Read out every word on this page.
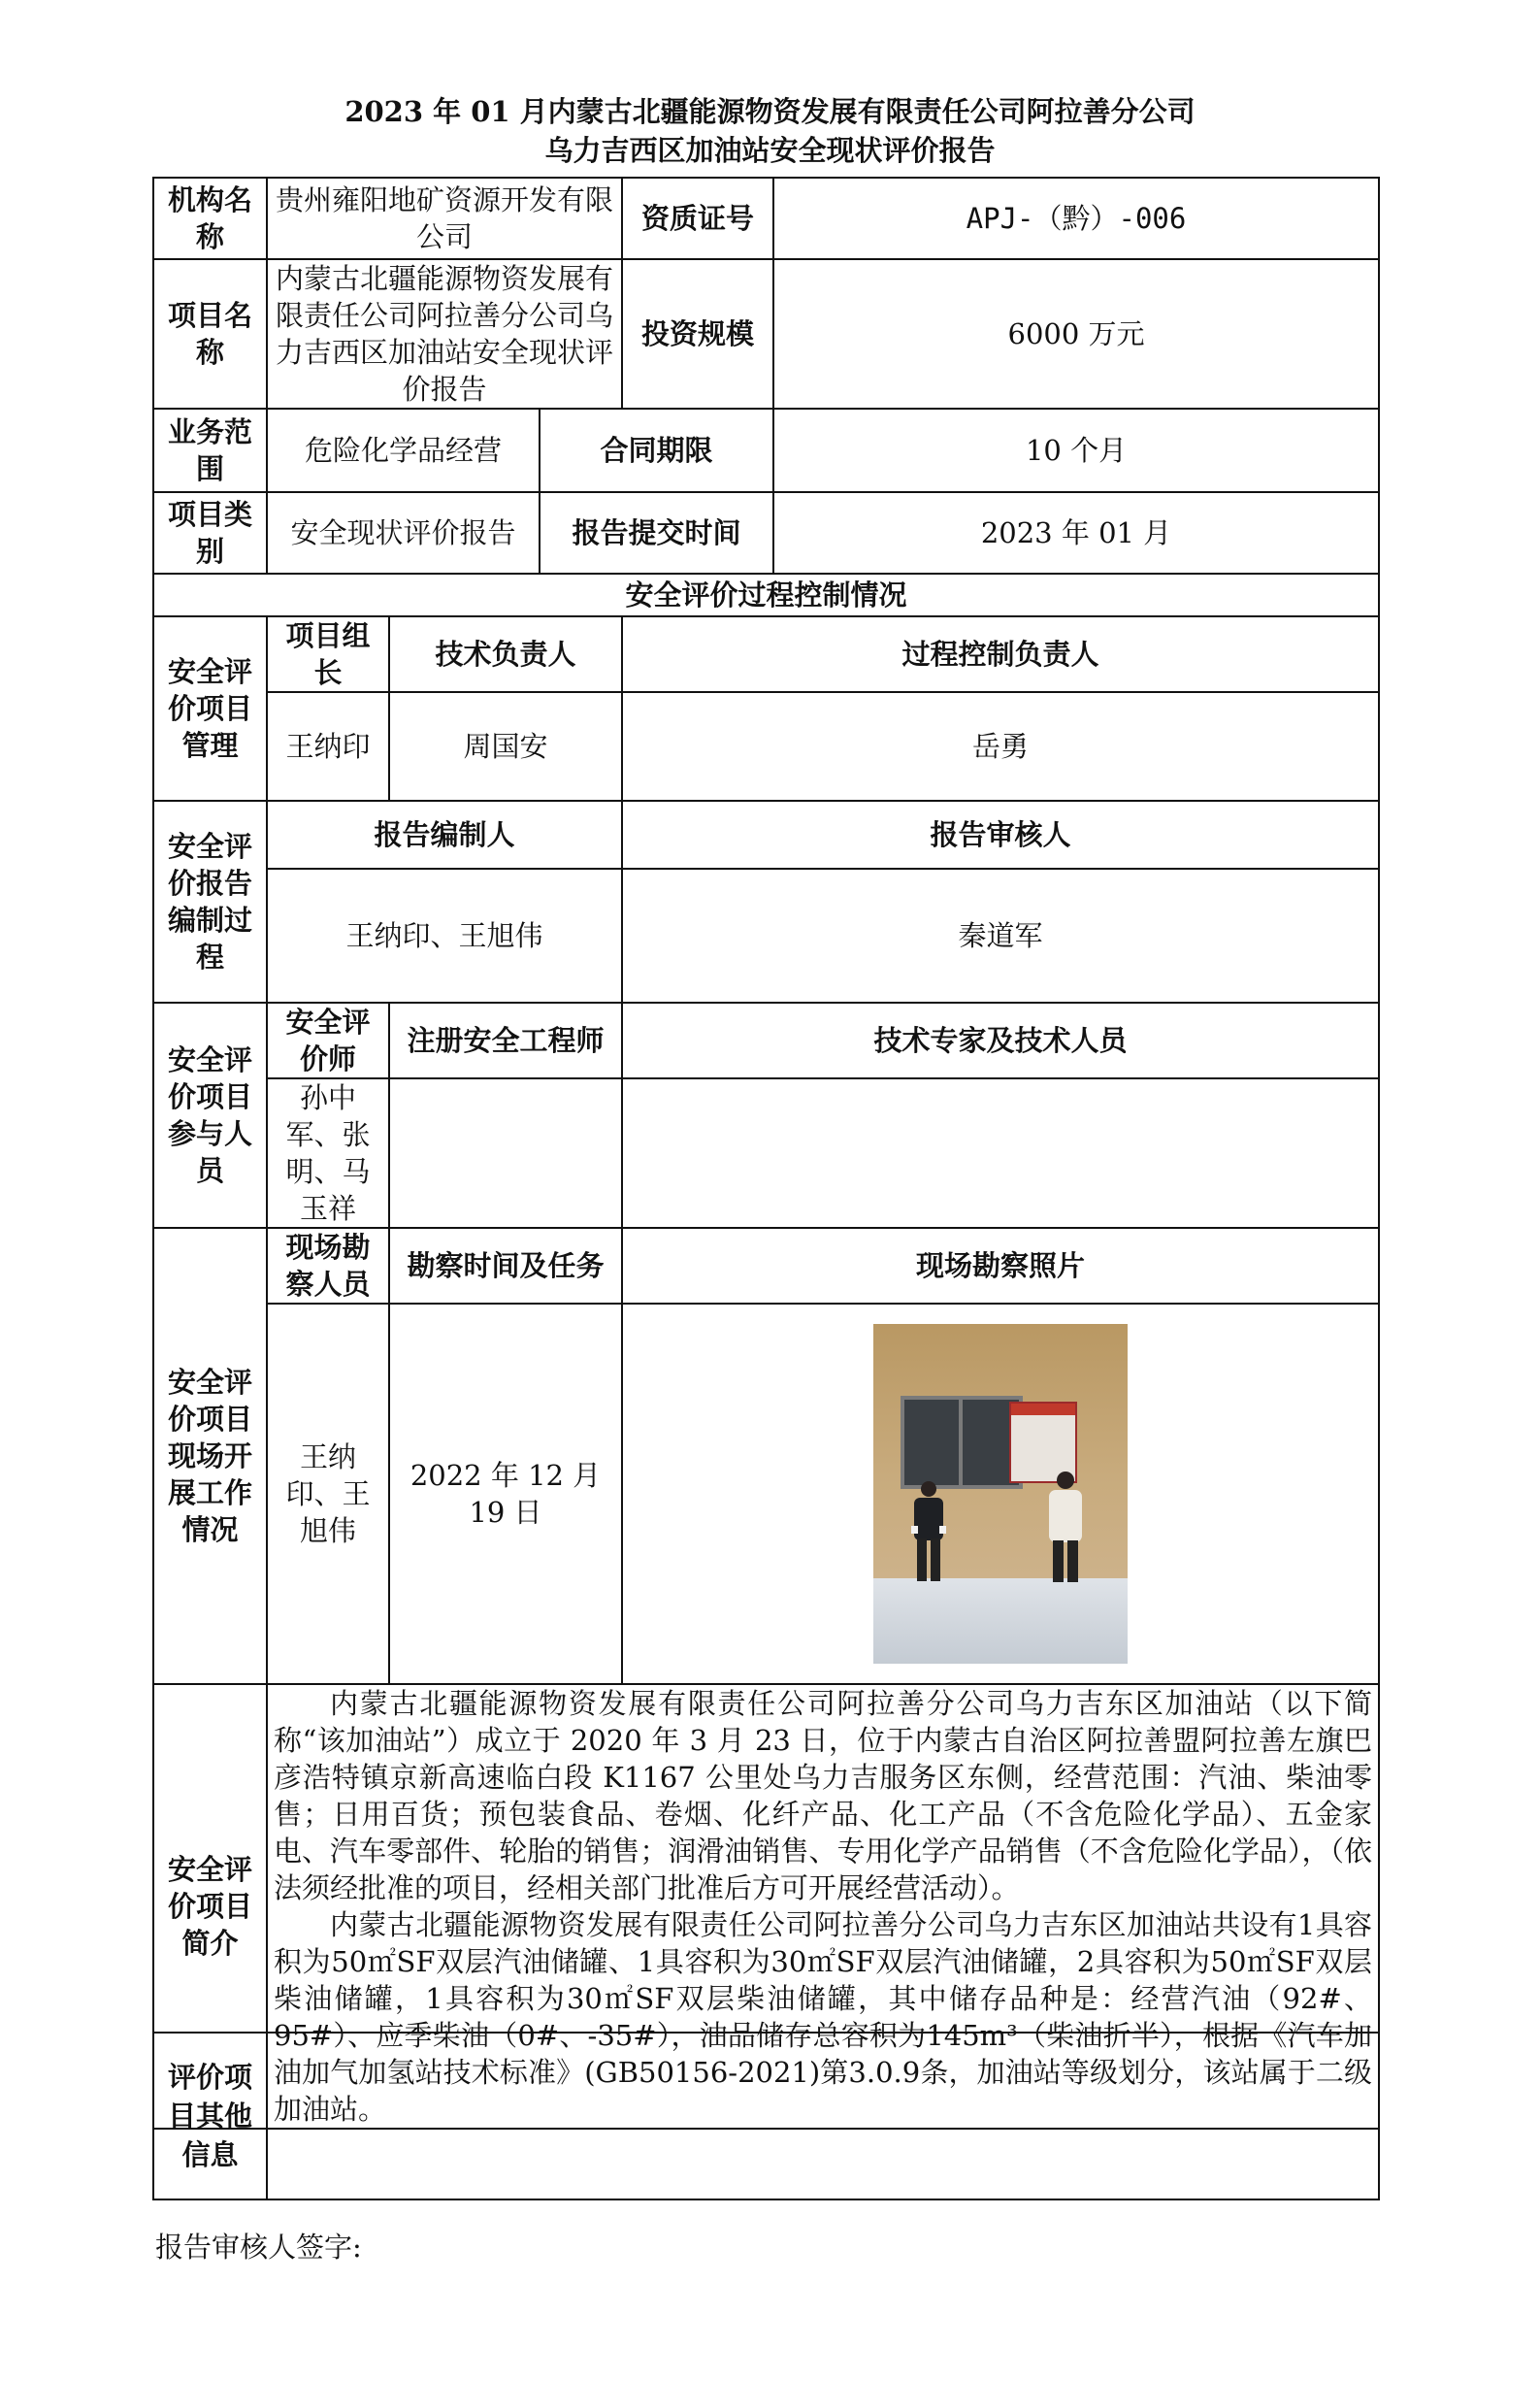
2023 年 01 月内蒙古北疆能源物资发展有限责任公司阿拉善分公司
乌力吉西区加油站安全现状评价报告
机构名称	贵州雍阳地矿资源开发有限公司			资质证号	APJ-（黔）-006
项目名称	内蒙古北疆能源物资发展有限责任公司阿拉善分公司乌力吉西区加油站安全现状评价报告			投资规模	6000 万元
业务范围	危险化学品经营		合同期限		10 个月
项目类别	安全现状评价报告		报告提交时间		2023 年 01 月
安全评价过程控制情况					
安全评价项目管理	项目组长	技术负责人		过程控制负责人	
	王纳印	周国安		岳勇	
安全评价报告编制过程	报告编制人			报告审核人	
	王纳印、王旭伟			秦道军	
安全评价项目参与人员	安全评价师	注册安全工程师		技术专家及技术人员	
	孙中军、张明、马玉祥				
安全评价项目现场开展工作情况	现场勘察人员	勘察时间及任务		现场勘察照片	
	王纳印、王旭伟	2022 年 12 月 19 日	

安全评价项目简介	内蒙古北疆能源物资发展有限责任公司阿拉善分公司乌力吉东区加油站（以下简称“该加油站”）成立于 2020 年 3 月 23 日，位于内蒙古自治区阿拉善盟阿拉善左旗巴彦浩特镇京新高速临白段 K1167 公里处乌力吉服务区东侧，经营范围：汽油、柴油零售；日用百货；预包装食品、卷烟、化纤产品、化工产品（不含危险化学品）、五金家电、汽车零部件、轮胎的销售；润滑油销售、专用化学产品销售（不含危险化学品），（依法须经批准的项目，经相关部门批准后方可开展经营活动）。

内蒙古北疆能源物资发展有限责任公司阿拉善分公司乌力吉东区加油站共设有1具容积为50㎡SF双层汽油储罐、1具容积为30㎡SF双层汽油储罐，2具容积为50㎡SF双层柴油储罐，1具容积为30㎡SF双层柴油储罐，其中储存品种是：经营汽油（92#、95#）、应季柴油（0#、-35#），油品储存总容积为145m³（柴油折半），根据《汽车加油加气加氢站技术标准》(GB50156-2021)第3.0.9条，加油站等级划分，该站属于二级加油站。				

评价项目其他信息	
报告审核人签字:
